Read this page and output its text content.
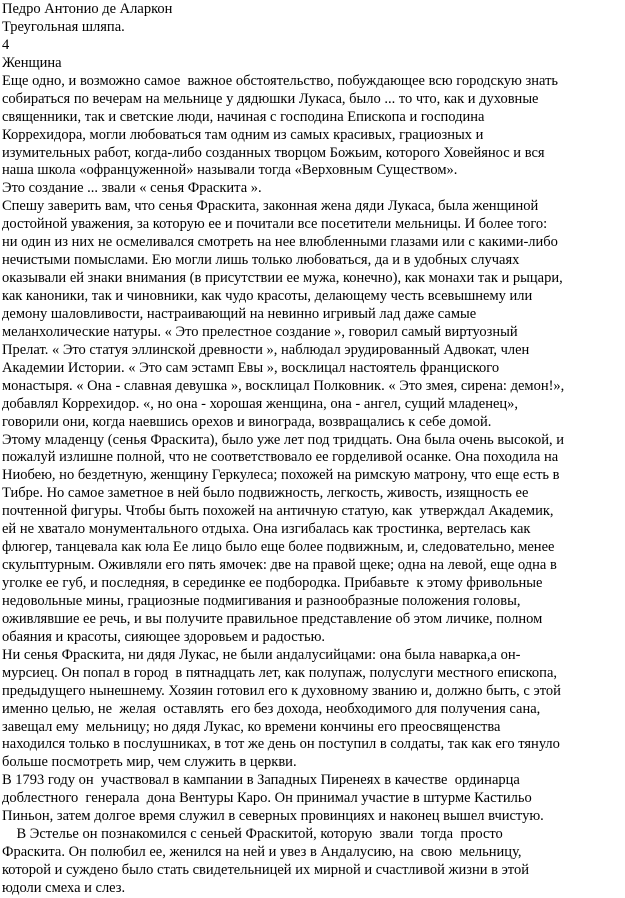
Педро Антонио де Аларкон
Треугольная шляпа.
4
Женщина
Еще одно, и возможно самое  важное обстоятельство, побуждающее всю городскую знать
собираться по вечерам на мельнице у дядюшки Лукаса, было ... то что, как и духовные
священники, так и светские люди, начиная с господина Епископа и господина
Коррехидора, могли любоваться там одним из самых красивых, грациозных и
изумительных работ, когда-либо созданных творцом Божьим, которого Ховейянос и вся
наша школа «офранцуженной» называли тогда «Верховным Существом».
Это создание ... звали « сенья Фраскита ».
Спешу заверить вам, что сенья Фраскита, законная жена дяди Лукаса, была женщиной
достойной уважения, за которую ее и почитали все посетители мельницы. И более того:
ни один из них не осмеливался смотреть на нее влюбленными глазами или с какими-либо
нечистыми помыслами. Ею могли лишь только любоваться, да и в удобных случаях
оказывали ей знаки внимания (в присутствии ее мужа, конечно), как монахи так и рыцари,
как каноники, так и чиновники, как чудо красоты, делающему честь всевышнему или
демону шаловливости, настраивающий на невинно игривый лад даже самые
меланхолические натуры. « Это прелестное создание », говорил самый виртуозный
Прелат. « Это статуя эллинской древности », наблюдал эрудированный Адвокат, член
Академии Истории. « Это сам эстамп Евы », восклицал настоятель франциского
монастыря. « Она - славная девушка », восклицал Полковник. « Это змея, сирена: демон!»,
добавлял Коррехидор. «, но она - хорошая женщина, она - ангел, сущий младенец»,
говорили они, когда наевшись орехов и винограда, возвращались к себе домой.
Этому младенцу (сенья Фраскита), было уже лет под тридцать. Она была очень высокой, и
пожалуй излишне полной, что не соответствовало ее горделивой осанке. Она походила на
Ниобею, но бездетную, женщину Геркулеса; похожей на римскую матрону, что еще есть в
Тибре. Но самое заметное в ней было подвижность, легкость, живость, изящность ее
почтенной фигуры. Чтобы быть похожей на античную статую, как  утверждал Академик,
ей не хватало монументального отдыха. Она изгибалась как тростинка, вертелась как
флюгер, танцевала как юла Ее лицо было еще более подвижным, и, следовательно, менее
скульптурным. Оживляли его пять ямочек: две на правой щеке; одна на левой, еще одна в
уголке ее губ, и последняя, в серединке ее подбородка. Прибавьте  к этому фривольные
недовольные мины, грациозные подмигивания и разнообразные положения головы,
оживлявшие ее речь, и вы получите правильное представление об этом личике, полном
обаяния и красоты, сияющее здоровьем и радостью.
Ни сенья Фраскита, ни дядя Лукас, не были андалусийцами: она была наварка,а он-
мурсиец. Он попал в город  в пятнадцать лет, как полупаж, полуслуги местного епископа,
предыдущего нынешнему. Хозяин готовил его к духовному званию и, должно быть, с этой
именно целью, не  желая  оставлять  его без дохода, необходимого для получения сана,
завещал ему  мельницу; но дядя Лукас, ко времени кончины его преосвященства
находился только в послушниках, в тот же день он поступил в солдаты, так как его тянуло
больше посмотреть мир, чем служить в церкви.
В 1793 году он  участвовал в кампании в Западных Пиренеях в качестве  ординарца
доблестного  генерала  дона Вентуры Каро. Он принимал участие в штурме Кастильо
Пиньон, затем долгое время служил в северных провинциях и наконец вышел вчистую.
В Эстелье он познакомился с сеньей Фраскитой, которую  звали  тогда  просто
Фраскита. Он полюбил ее, женился на ней и увез в Андалусию, на  свою  мельницу,
которой и суждено было стать свидетельницей их мирной и счастливой жизни в этой
юдоли смеха и слез.
